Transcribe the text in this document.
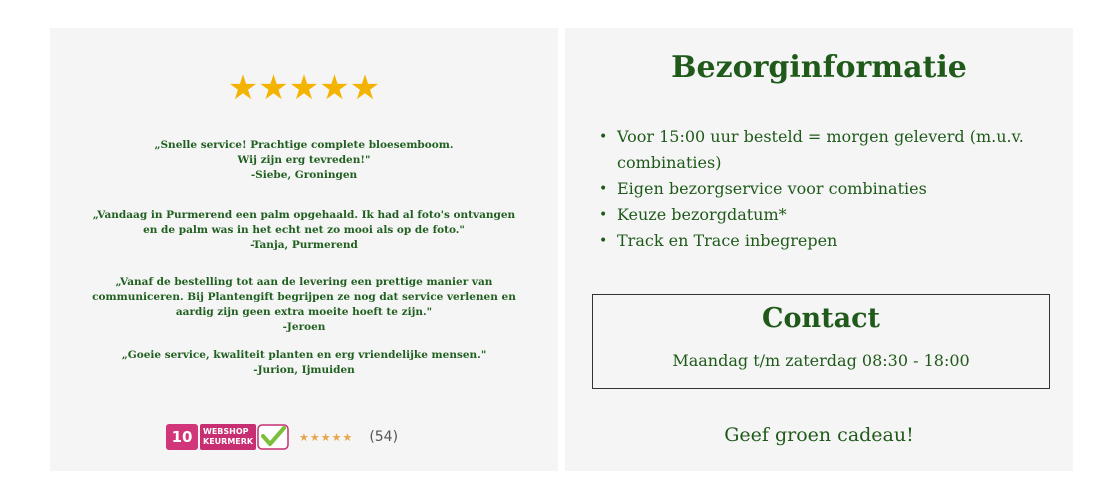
★★★★★
„Snelle service! Prachtige complete bloesemboom.
Wij zijn erg tevreden!"
-Siebe, Groningen
„Vandaag in Purmerend een palm opgehaald. Ik had al foto's ontvangen
en de palm was in het echt net zo mooi als op de foto."
-Tanja, Purmerend
„Vanaf de bestelling tot aan de levering een prettige manier van
communiceren. Bij Plantengift begrijpen ze nog dat service verlenen en
aardig zijn geen extra moeite hoeft te zijn."
-Jeroen
„Goeie service, kwaliteit planten en erg vriendelijke mensen."
-Jurion, Ijmuiden
10	WEBSHOP
KEURMERK	★★★★★ (54)
Bezorginformatie
• Voor 15:00 uur besteld = morgen geleverd (m.u.v. combinaties)
• Eigen bezorgservice voor combinaties
• Keuze bezorgdatum*
• Track en Trace inbegrepen
Contact
Maandag t/m zaterdag 08:30 - 18:00
Geef groen cadeau!
